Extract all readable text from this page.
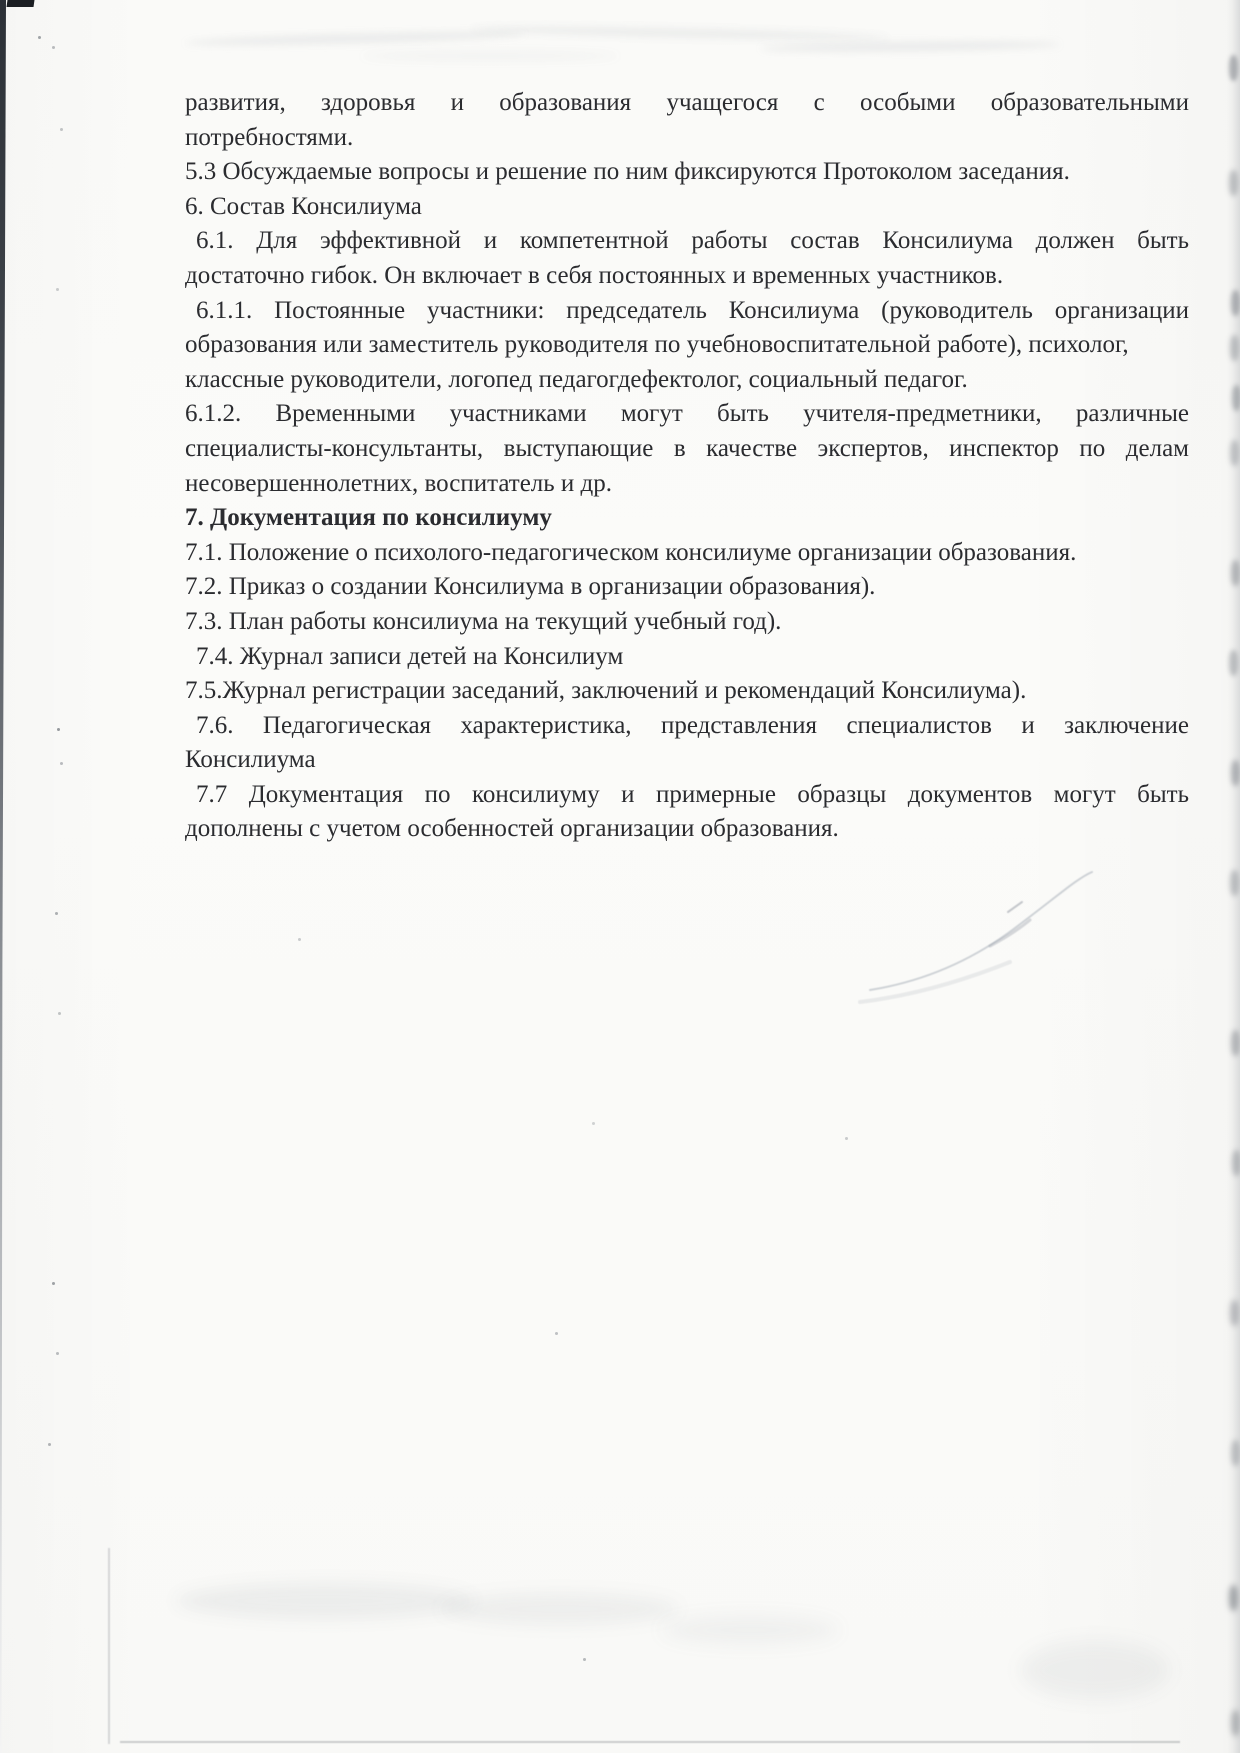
развития, здоровья и образования учащегося с особыми образовательными
потребностями.
5.3 Обсуждаемые вопросы и решение по ним фиксируются Протоколом заседания.
6. Состав Консилиума
6.1. Для эффективной и компетентной работы состав Консилиума должен быть
достаточно гибок. Он включает в себя постоянных и временных участников.
6.1.1. Постоянные участники: председатель Консилиума (руководитель организации
образования или заместитель руководителя по учебновоспитательной работе), психолог,
классные руководители, логопед педагогдефектолог, социальный педагог.
6.1.2. Временными участниками могут быть учителя-предметники, различные
специалисты-консультанты, выступающие в качестве экспертов, инспектор по делам
несовершеннолетних, воспитатель и др.
7. Документация по консилиуму
7.1. Положение о психолого-педагогическом консилиуме организации образования.
7.2. Приказ о создании Консилиума в организации образования).
7.3. План работы консилиума на текущий учебный год).
7.4. Журнал записи детей на Консилиум
7.5.Журнал регистрации заседаний, заключений и рекомендаций Консилиума).
7.6. Педагогическая характеристика, представления специалистов и заключение
Консилиума
7.7 Документация по консилиуму и примерные образцы документов могут быть
дополнены с учетом особенностей организации образования.
